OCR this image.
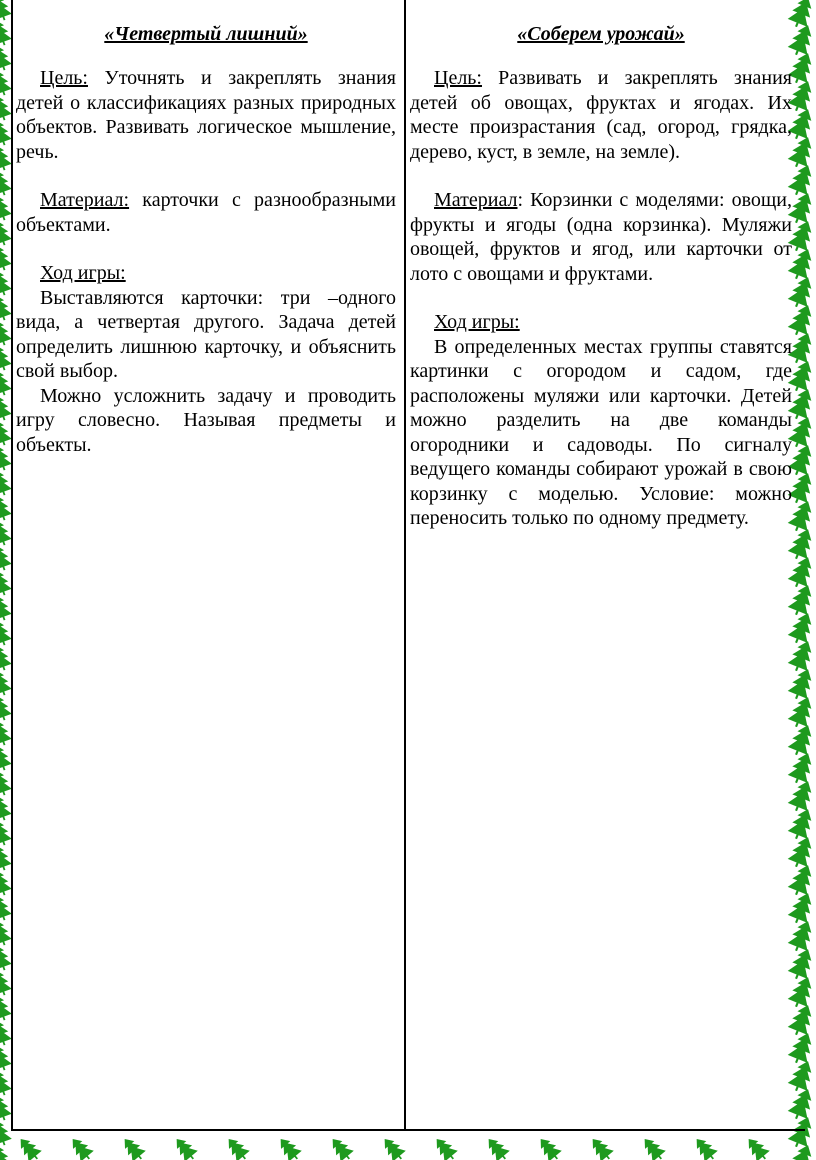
«Четвертый лишний»

Цель: Уточнять и закреплять знания детей о классификациях разных природных объектов. Развивать логическое мышление, речь.

Материал: карточки с разнообразными объектами.

Ход игры:

Выставляются карточки: три –одного вида, а четвертая другого. Задача детей определить лишнюю карточку, и объяснить свой выбор.

Можно усложнить задачу и проводить игру словесно. Называя предметы и объекты.

«Соберем урожай»

Цель: Развивать и закреплять знания детей об овощах, фруктах и ягодах. Их месте произрастания (сад, огород, грядка, дерево, куст, в земле, на земле).

Материал: Корзинки с моделями: овощи, фрукты и ягоды (одна корзинка). Муляжи овощей, фруктов и ягод, или карточки от лото с овощами и фруктами.

Ход игры:

В определенных местах группы ставятся картинки с огородом и садом, где расположены муляжи или карточки. Детей можно разделить на две команды огородники и садоводы. По сигналу ведущего команды собирают урожай в свою корзинку с моделью. Условие: можно переносить только по одному предмету.
